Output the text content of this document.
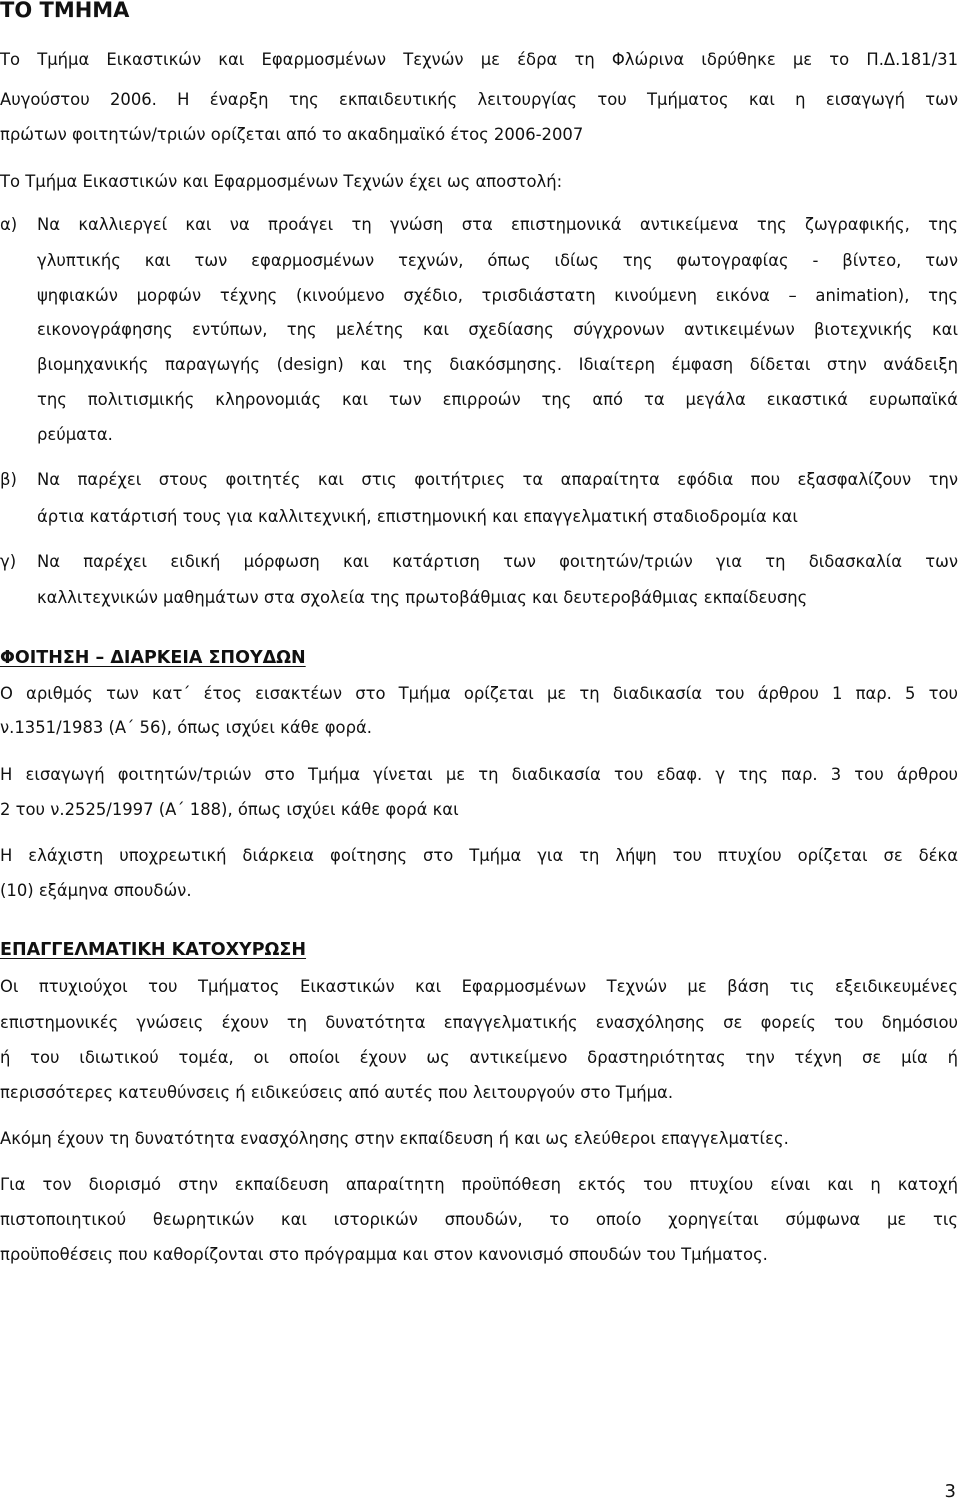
ΤΟ ΤΜΗΜΑ
Το Τμήμα Εικαστικών και Εφαρμοσμένων Τεχνών με έδρα τη Φλώρινα ιδρύθηκε με το Π.Δ.181/31
Αυγούστου 2006. Η έναρξη της εκπαιδευτικής λειτουργίας του Τμήματος και η εισαγωγή των
πρώτων φοιτητών/τριών ορίζεται από το ακαδημαϊκό έτος 2006-2007
Το Τμήμα Εικαστικών και Εφαρμοσμένων Τεχνών έχει ως αποστολή:
α)	Να καλλιεργεί και να προάγει τη γνώση στα επιστημονικά αντικείμενα της ζωγραφικής, της
γλυπτικής και των εφαρμοσμένων τεχνών, όπως ιδίως της φωτογραφίας - βίντεο, των
ψηφιακών μορφών τέχνης (κινούμενο σχέδιο, τρισδιάστατη κινούμενη εικόνα – animation), της
εικονογράφησης εντύπων, της μελέτης και σχεδίασης σύγχρονων αντικειμένων βιοτεχνικής και
βιομηχανικής παραγωγής (design) και της διακόσμησης. Ιδιαίτερη έμφαση δίδεται στην ανάδειξη
της πολιτισμικής κληρονομιάς και των επιρροών της από τα μεγάλα εικαστικά ευρωπαϊκά
ρεύματα.
β)	Να παρέχει στους φοιτητές και στις φοιτήτριες τα απαραίτητα εφόδια που εξασφαλίζουν την
άρτια κατάρτισή τους για καλλιτεχνική, επιστημονική και επαγγελματική σταδιοδρομία και
γ)	Να παρέχει ειδική μόρφωση και κατάρτιση των φοιτητών/τριών για τη διδασκαλία των
καλλιτεχνικών μαθημάτων στα σχολεία της πρωτοβάθμιας και δευτεροβάθμιας εκπαίδευσης
ΦΟΙΤΗΣΗ – ΔΙΑΡΚΕΙΑ ΣΠΟΥΔΩΝ
Ο αριθμός των κατ΄ έτος εισακτέων στο Τμήμα ορίζεται με τη διαδικασία του άρθρου 1 παρ. 5 του
ν.1351/1983 (Α΄ 56), όπως ισχύει κάθε φορά.
Η εισαγωγή φοιτητών/τριών στο Τμήμα γίνεται με τη διαδικασία του εδαφ. γ της παρ. 3 του άρθρου
2 του ν.2525/1997 (Α΄ 188), όπως ισχύει κάθε φορά και
Η ελάχιστη υποχρεωτική διάρκεια φοίτησης στο Τμήμα για τη λήψη του πτυχίου ορίζεται σε δέκα
(10) εξάμηνα σπουδών.
ΕΠΑΓΓΕΛΜΑΤΙΚΗ ΚΑΤΟΧΥΡΩΣΗ
Οι πτυχιούχοι του Τμήματος Εικαστικών και Εφαρμοσμένων Τεχνών με βάση τις εξειδικευμένες
επιστημονικές γνώσεις έχουν τη δυνατότητα επαγγελματικής ενασχόλησης σε φορείς του δημόσιου
ή του ιδιωτικού τομέα, οι οποίοι έχουν ως αντικείμενο δραστηριότητας την τέχνη σε μία ή
περισσότερες κατευθύνσεις ή ειδικεύσεις από αυτές που λειτουργούν στο Τμήμα.
Ακόμη έχουν τη δυνατότητα ενασχόλησης στην εκπαίδευση ή και ως ελεύθεροι επαγγελματίες.
Για τον διορισμό στην εκπαίδευση απαραίτητη προϋπόθεση εκτός του πτυχίου είναι και η κατοχή
πιστοποιητικού θεωρητικών και ιστορικών σπουδών, το οποίο χορηγείται σύμφωνα με τις
προϋποθέσεις που καθορίζονται στο πρόγραμμα και στον κανονισμό σπουδών του Τμήματος.
3
